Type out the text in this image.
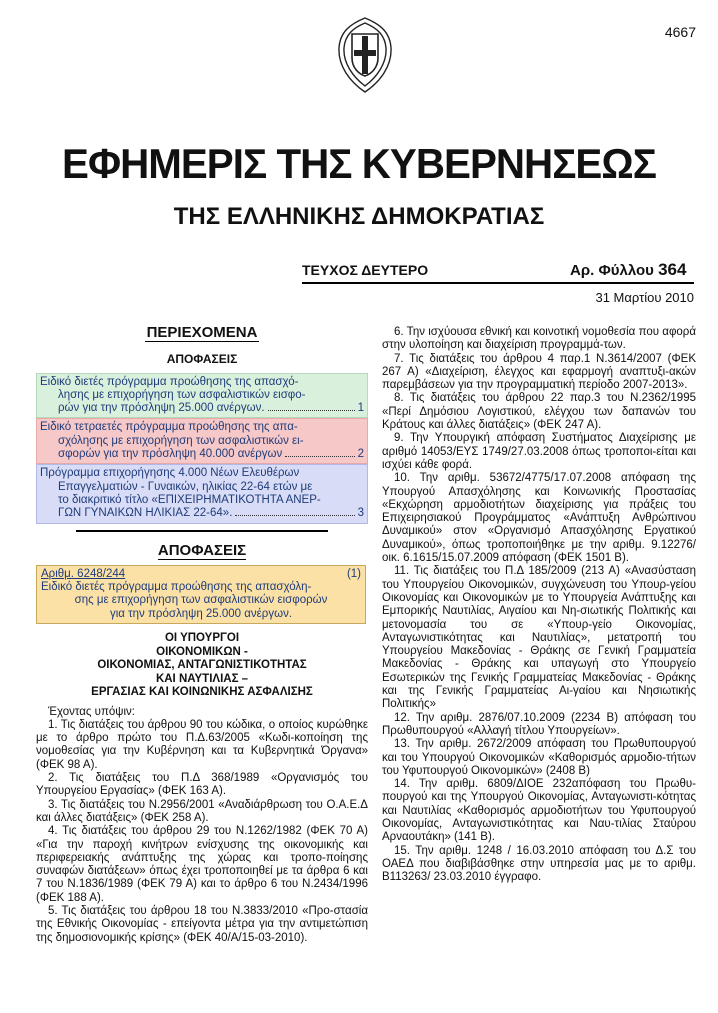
4667
ΕΦΗΜΕΡΙΣ ΤΗΣ ΚΥΒΕΡΝΗΣΕΩΣ
ΤΗΣ ΕΛΛΗΝΙΚΗΣ ΔΗΜΟΚΡΑΤΙΑΣ
ΤΕΥΧΟΣ ΔΕΥΤΕΡΟ	Αρ. Φύλλου 364
31 Μαρτίου 2010
ΠΕΡΙΕΧΟΜΕΝΑ
ΑΠΟΦΑΣΕΙΣ
Ειδικό διετές πρόγραμμα προώθησης της απασχό-
λησης με επιχορήγηση των ασφαλιστικών εισφο-
ρών για την πρόσληψη 25.000 ανέργων.	1
Ειδικό τετραετές πρόγραμμα προώθησης της απα-
σχόλησης με επιχορήγηση των ασφαλιστικών ει-
σφορών για την πρόσληψη 40.000 ανέργων	2
Πρόγραμμα επιχορήγησης 4.000 Νέων Ελευθέρων
Επαγγελματιών - Γυναικών, ηλικίας 22-64 ετών με
το διακριτικό τίτλο «ΕΠΙΧΕΙΡΗΜΑΤΙΚΟΤΗΤΑ ΑΝΕΡ-
ΓΩΝ ΓΥΝΑΙΚΩΝ ΗΛΙΚΙΑΣ 22-64».	3
ΑΠΟΦΑΣΕΙΣ
Αριθμ. 6248/244	(1)
Ειδικό διετές πρόγραμμα προώθησης της απασχόλη-
σης με επιχορήγηση των ασφαλιστικών εισφορών
για την πρόσληψη 25.000 ανέργων.
ΟΙ ΥΠΟΥΡΓΟΙ
ΟΙΚΟΝΟΜΙΚΩΝ -
ΟΙΚΟΝΟΜΙΑΣ, ΑΝΤΑΓΩΝΙΣΤΙΚΟΤΗΤΑΣ
ΚΑΙ ΝΑΥΤΙΛΙΑΣ –
ΕΡΓΑΣΙΑΣ ΚΑΙ ΚΟΙΝΩΝΙΚΗΣ ΑΣΦΑΛΙΣΗΣ
Έχοντας υπόψιν:
1. Τις διατάξεις του άρθρου 90 του κώδικα, ο οποίος κυρώθηκε με το άρθρο πρώτο του Π.Δ.63/2005 «Κωδι-κοποίηση της νομοθεσίας για την Κυβέρνηση και τα Κυβερνητικά Όργανα» (ΦΕΚ 98 Α).
2. Τις διατάξεις του Π.Δ 368/1989 «Οργανισμός του Υπουργείου Εργασίας» (ΦΕΚ 163 Α).
3. Τις διατάξεις του Ν.2956/2001 «Αναδιάρθρωση του Ο.Α.Ε.Δ και άλλες διατάξεις» (ΦΕΚ 258 Α).
4. Τις διατάξεις του άρθρου 29 του Ν.1262/1982 (ΦΕΚ 70 Α) «Για την παροχή κινήτρων ενίσχυσης της οικονομικής και περιφερειακής ανάπτυξης της χώρας και τροπο-ποίησης συναφών διατάξεων» όπως έχει τροποποιηθεί με τα άρθρα 6 και 7 του Ν.1836/1989 (ΦΕΚ 79 Α) και το άρθρο 6 του Ν.2434/1996 (ΦΕΚ 188 Α).
5. Τις διατάξεις του άρθρου 18 του Ν.3833/2010 «Προ-στασία της Εθνικής Οικονομίας - επείγοντα μέτρα για την αντιμετώπιση της δημοσιονομικής κρίσης» (ΦΕΚ 40/Α/15-03-2010).
6. Την ισχύουσα εθνική και κοινοτική νομοθεσία που αφορά στην υλοποίηση και διαχείριση προγραμμά-των.
7. Τις διατάξεις του άρθρου 4 παρ.1 Ν.3614/2007 (ΦΕΚ 267 Α) «Διαχείριση, έλεγχος και εφαρμογή αναπτυξι-ακών παρεμβάσεων για την προγραμματική περίοδο 2007-2013».
8. Τις διατάξεις του άρθρου 22 παρ.3 του Ν.2362/1995 «Περί Δημόσιου Λογιστικού, ελέγχου των δαπανών του Κράτους και άλλες διατάξεις» (ΦΕΚ 247 Α).
9. Την Υπουργική απόφαση Συστήματος Διαχείρισης με αριθμό 14053/ΕΥΣ 1749/27.03.2008 όπως τροποποι-είται και ισχύει κάθε φορά.
10. Την αριθμ. 53672/4775/17.07.2008 απόφαση της Υπουργού Απασχόλησης και Κοινωνικής Προστασίας «Εκχώρηση αρμοδιοτήτων διαχείρισης για πράξεις του Επιχειρησιακού Προγράμματος «Ανάπτυξη Ανθρώπινου Δυναμικού» στον «Οργανισμό Απασχόλησης Εργατικού Δυναμικού», όπως τροποποιήθηκε με την αριθμ. 9.12276/ οικ. 6.1615/15.07.2009 απόφαση (ΦΕΚ 1501 Β).
11. Τις διατάξεις του Π.Δ 185/2009 (213 Α) «Ανασύσταση του Υπουργείου Οικονομικών, συγχώνευση του Υπουρ-γείου Οικονομίας και Οικονομικών με το Υπουργεία Ανάπτυξης και Εμπορικής Ναυτιλίας, Αιγαίου και Νη-σιωτικής Πολιτικής και μετονομασία του σε «Υπουρ-γείο Οικονομίας, Ανταγωνιστικότητας και Ναυτιλίας», μετατροπή του Υπουργείου Μακεδονίας - Θράκης σε Γενική Γραμματεία Μακεδονίας - Θράκης και υπαγωγή στο Υπουργείο Εσωτερικών της Γενικής Γραμματείας Μακεδονίας - Θράκης και της Γενικής Γραμματείας Αι-γαίου και Νησιωτικής Πολιτικής»
12. Την αριθμ. 2876/07.10.2009 (2234 Β) απόφαση του Πρωθυπουργού «Αλλαγή τίτλου Υπουργείων».
13. Την αριθμ. 2672/2009 απόφαση του Πρωθυπουργού και του Υπουργού Οικονομικών «Καθορισμός αρμοδιο-τήτων του Υφυπουργού Οικονομικών» (2408 Β)
14. Την αριθμ. 6809/ΔΙΟΕ 232απόφαση του Πρωθυ-πουργού και της Υπουργού Οικονομίας, Ανταγωνιστι-κότητας και Ναυτιλίας «Καθορισμός αρμοδιοτήτων του Υφυπουργού Οικονομίας, Ανταγωνιστικότητας και Ναυ-τιλίας Σταύρου Αρναουτάκη» (141 Β).
15. Την αριθμ. 1248 / 16.03.2010 απόφαση του Δ.Σ του ΟΑΕΔ που διαβιβάσθηκε στην υπηρεσία μας με το αριθμ. Β113263/ 23.03.2010 έγγραφο.
